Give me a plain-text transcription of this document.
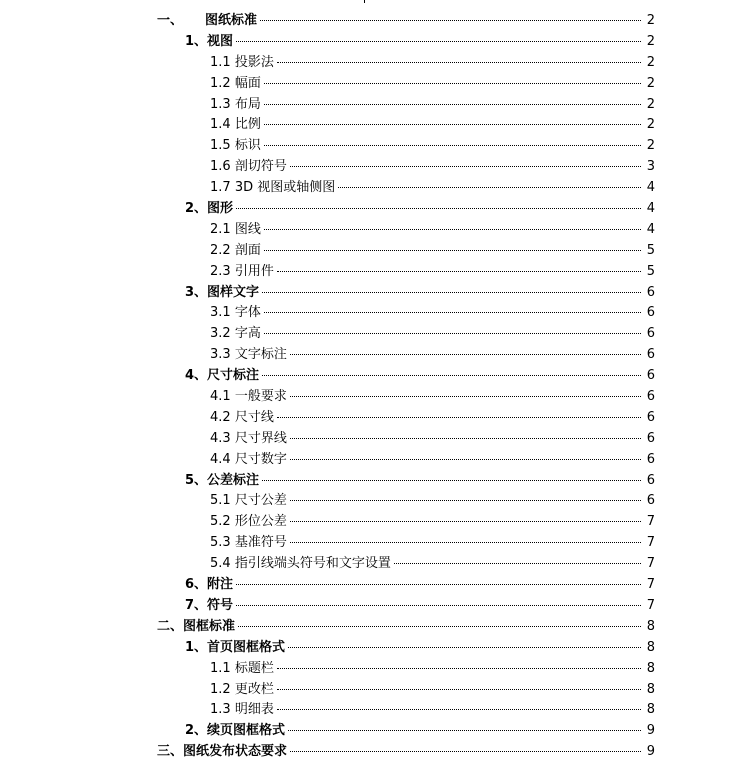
一、 图纸标准	2
1、视图	2
1.1 投影法	2
1.2 幅面	2
1.3 布局	2
1.4 比例	2
1.5 标识	2
1.6 剖切符号	3
1.7 3D 视图或轴侧图	4
2、图形	4
2.1 图线	4
2.2 剖面	5
2.3 引用件	5
3、图样文字	6
3.1 字体	6
3.2 字高	6
3.3 文字标注	6
4、尺寸标注	6
4.1 一般要求	6
4.2 尺寸线	6
4.3 尺寸界线	6
4.4 尺寸数字	6
5、公差标注	6
5.1 尺寸公差	6
5.2 形位公差	7
5.3 基准符号	7
5.4 指引线端头符号和文字设置	7
6、附注	7
7、符号	7
二、图框标准	8
1、首页图框格式	8
1.1 标题栏	8
1.2 更改栏	8
1.3 明细表	8
2、续页图框格式	9
三、图纸发布状态要求	9
